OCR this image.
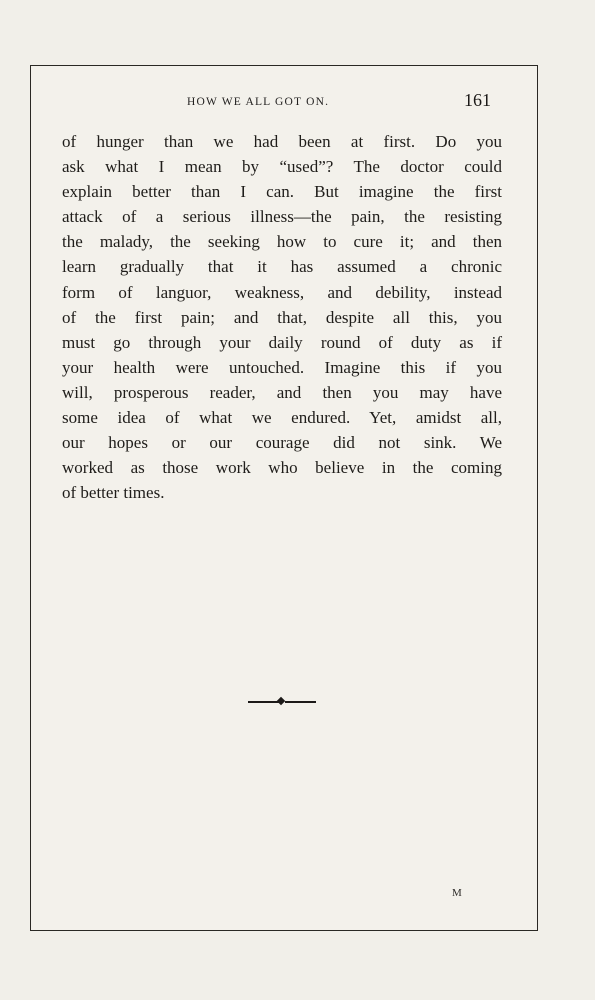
HOW WE ALL GOT ON.	161
of hunger than we had been at first. Do you
ask what I mean by “used”? The doctor could
explain better than I can. But imagine the first
attack of a serious illness—the pain, the resisting
the malady, the seeking how to cure it; and then
learn gradually that it has assumed a chronic
form of languor, weakness, and debility, instead
of the first pain; and that, despite all this, you
must go through your daily round of duty as if
your health were untouched. Imagine this if you
will, prosperous reader, and then you may have
some idea of what we endured. Yet, amidst all,
our hopes or our courage did not sink. We
worked as those work who believe in the coming
of better times.
M
